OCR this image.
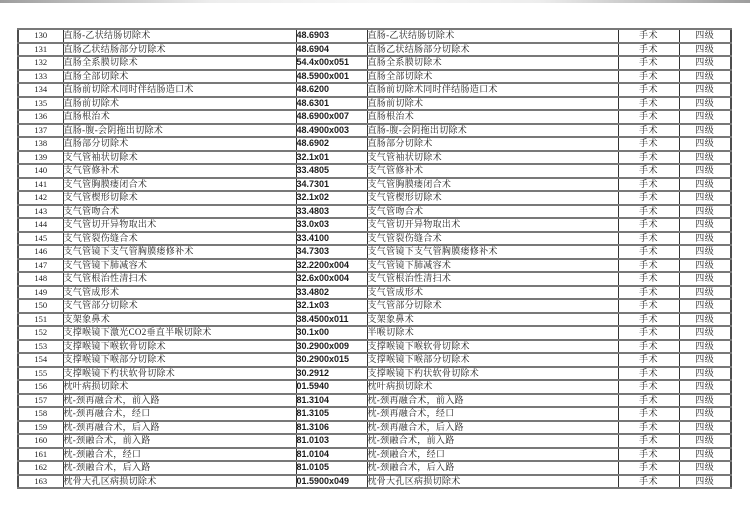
130	直肠-乙状结肠切除术	48.6903	直肠-乙状结肠切除术	手术	四级
131	直肠乙状结肠部分切除术	48.6904	直肠乙状结肠部分切除术	手术	四级
132	直肠全系膜切除术	54.4x00x051	直肠全系膜切除术	手术	四级
133	直肠全部切除术	48.5900x001	直肠全部切除术	手术	四级
134	直肠前切除术同时伴结肠造口术	48.6200	直肠前切除术同时伴结肠造口术	手术	四级
135	直肠前切除术	48.6301	直肠前切除术	手术	四级
136	直肠根治术	48.6900x007	直肠根治术	手术	四级
137	直肠-腹-会阴拖出切除术	48.4900x003	直肠-腹-会阴拖出切除术	手术	四级
138	直肠部分切除术	48.6902	直肠部分切除术	手术	四级
139	支气管袖状切除术	32.1x01	支气管袖状切除术	手术	四级
140	支气管修补术	33.4805	支气管修补术	手术	四级
141	支气管胸膜瘘闭合术	34.7301	支气管胸膜瘘闭合术	手术	四级
142	支气管楔形切除术	32.1x02	支气管楔形切除术	手术	四级
143	支气管吻合术	33.4803	支气管吻合术	手术	四级
144	支气管切开异物取出术	33.0x03	支气管切开异物取出术	手术	四级
145	支气管裂伤缝合术	33.4100	支气管裂伤缝合术	手术	四级
146	支气管镜下支气管胸膜瘘修补术	34.7303	支气管镜下支气管胸膜瘘修补术	手术	四级
147	支气管镜下肺减容术	32.2200x004	支气管镜下肺减容术	手术	四级
148	支气管根治性清扫术	32.6x00x004	支气管根治性清扫术	手术	四级
149	支气管成形术	33.4802	支气管成形术	手术	四级
150	支气管部分切除术	32.1x03	支气管部分切除术	手术	四级
151	支架象鼻术	38.4500x011	支架象鼻术	手术	四级
152	支撑喉镜下激光CO2垂直半喉切除术	30.1x00	半喉切除术	手术	四级
153	支撑喉镜下喉软骨切除术	30.2900x009	支撑喉镜下喉软骨切除术	手术	四级
154	支撑喉镜下喉部分切除术	30.2900x015	支撑喉镜下喉部分切除术	手术	四级
155	支撑喉镜下杓状软骨切除术	30.2912	支撑喉镜下杓状软骨切除术	手术	四级
156	枕叶病损切除术	01.5940	枕叶病损切除术	手术	四级
157	枕-颈再融合术，前入路	81.3104	枕-颈再融合术，前入路	手术	四级
158	枕-颈再融合术，经口	81.3105	枕-颈再融合术，经口	手术	四级
159	枕-颈再融合术，后入路	81.3106	枕-颈再融合术，后入路	手术	四级
160	枕-颈融合术，前入路	81.0103	枕-颈融合术，前入路	手术	四级
161	枕-颈融合术，经口	81.0104	枕-颈融合术，经口	手术	四级
162	枕-颈融合术，后入路	81.0105	枕-颈融合术，后入路	手术	四级
163	枕骨大孔区病损切除术	01.5900x049	枕骨大孔区病损切除术	手术	四级
